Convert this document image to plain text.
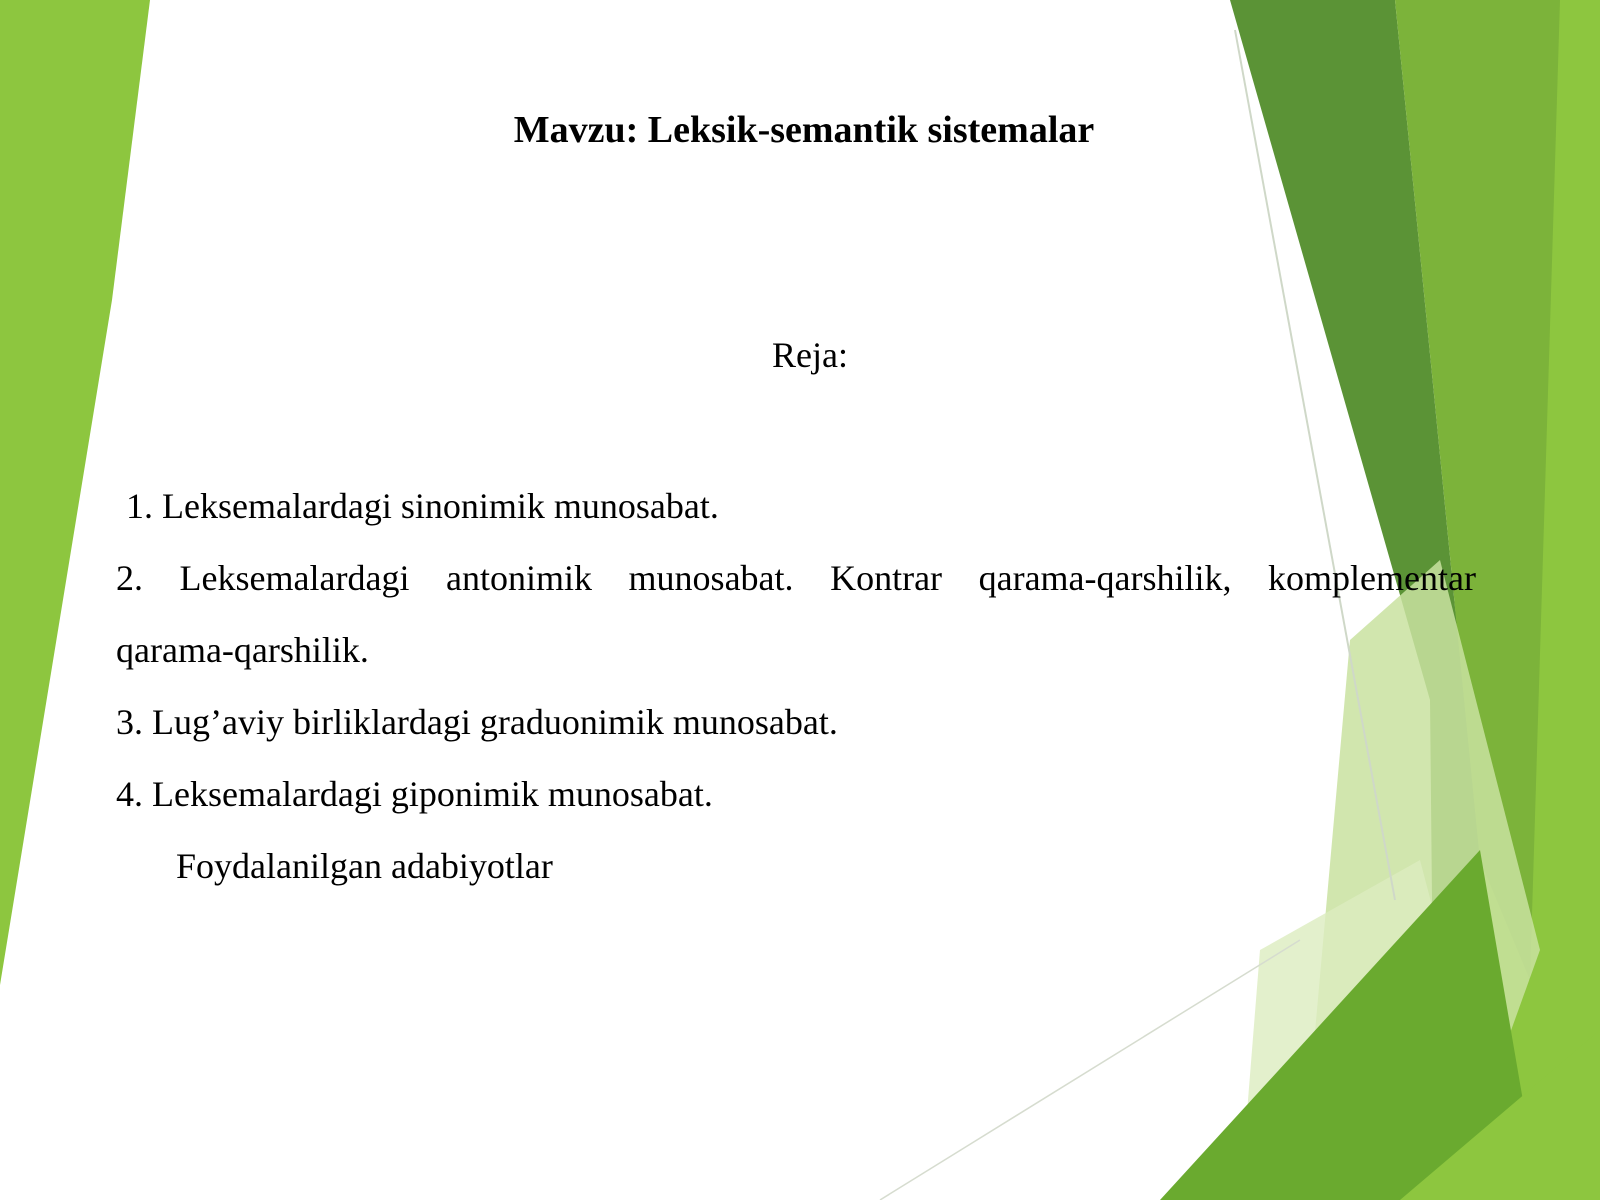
Mavzu: Leksik-semantik sistemalar
Reja:

1. Leksemalardagi sinonimik munosabat.

2. Leksemalardagi antonimik munosabat. Kontrar qarama-qarshilik, komplementar

qarama-qarshilik.

3. Lug’aviy birliklardagi graduonimik munosabat.

4. Leksemalardagi giponimik munosabat.

Foydalanilgan adabiyotlar
